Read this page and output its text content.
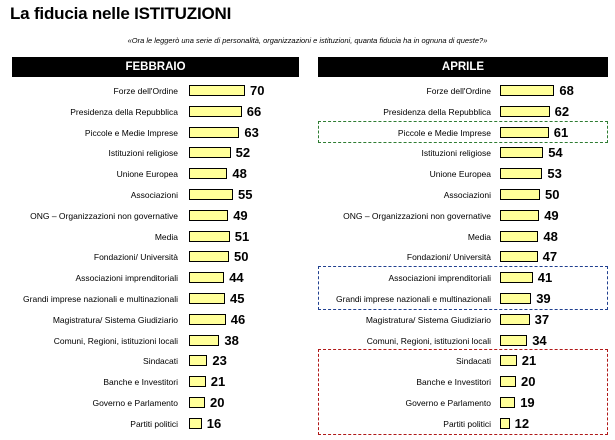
La fiducia nelle ISTITUZIONI
«Ora le leggerò una serie di personalità, organizzazioni e istituzioni, quanta fiducia ha in ognuna di queste?»
FEBBRAIO
Forze dell'Ordine	70
Presidenza della Repubblica	66
Piccole e Medie Imprese	63
Istituzioni religiose	52
Unione Europea	48
Associazioni	55
ONG – Organizzazioni non governative	49
Media	51
Fondazioni/ Università	50
Associazioni imprenditoriali	44
Grandi imprese nazionali e multinazionali	45
Magistratura/ Sistema Giudiziario	46
Comuni, Regioni, istituzioni locali	38
Sindacati	23
Banche e Investitori	21
Governo e Parlamento 20
Partiti politici 16
APRILE
Forze dell'Ordine	68
Presidenza della Repubblica	62
Piccole e Medie Imprese	61
Istituzioni religiose	54
Unione Europea	53
Associazioni	50
ONG – Organizzazioni non governative	49
Media	48
Fondazioni/ Università	47
Associazioni imprenditoriali	41
Grandi imprese nazionali e multinazionali	39
Magistratura/ Sistema Giudiziario	37
Comuni, Regioni, istituzioni locali	34
Sindacati 21
Banche e Investitori 20
Governo e Parlamento 19
Partiti politici 12
